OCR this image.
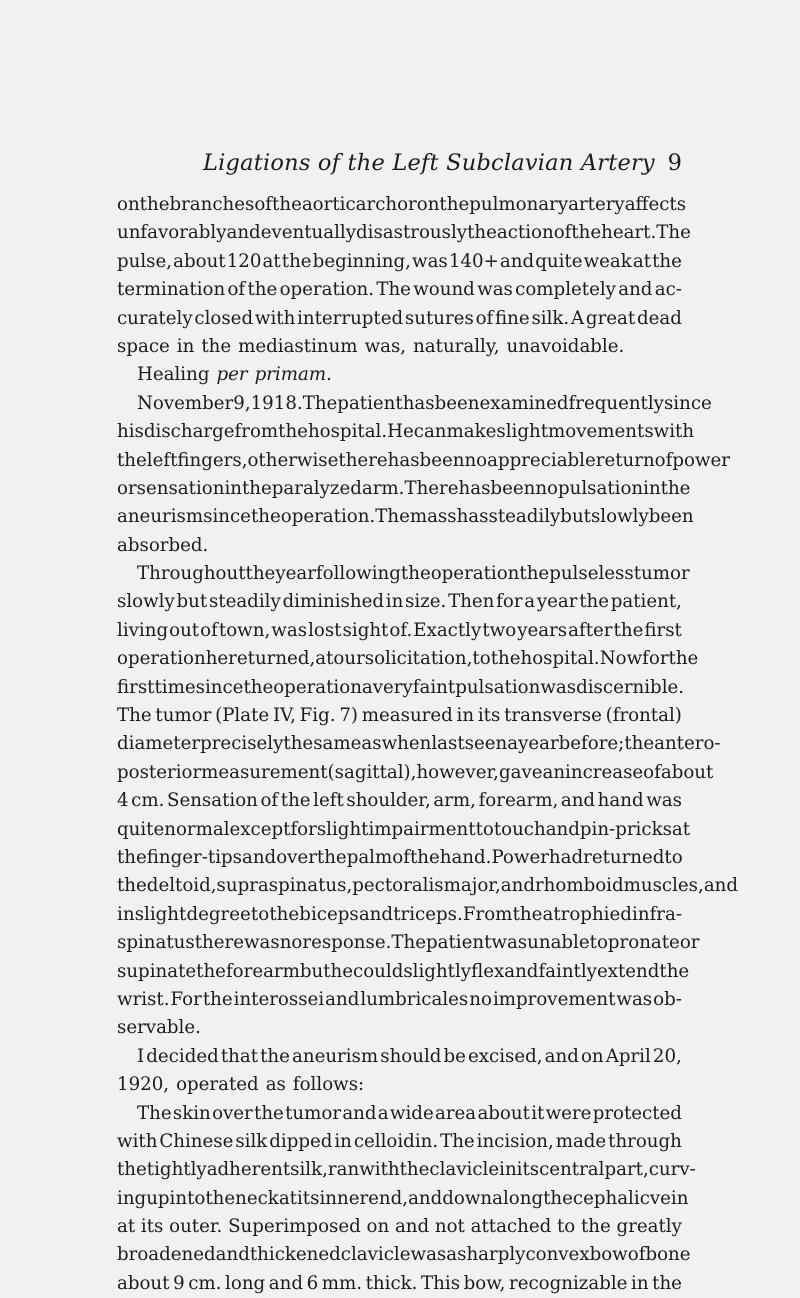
Ligations of the Left Subclavian Artery 9
on the branches of the aortic arch or on the pulmonary artery affects
unfavorably and eventually disastrously the action of the heart. The
pulse, about 120 at the beginning, was 140+ and quite weak at the
termination of the operation. The wound was completely and ac-
curately closed with interrupted sutures of fine silk. A great dead
space in the mediastinum was, naturally, unavoidable.
Healing per primam.
November 9, 1918. The patient has been examined frequently since
his discharge from the hospital. He can make slight movements with
the left fingers, otherwise there has been no appreciable return of power
or sensation in the paralyzed arm. There has been no pulsation in the
aneurism since the operation. The mass has steadily but slowly been
absorbed.
Throughout the year following the operation the pulseless tumor
slowly but steadily diminished in size. Then for a year the patient,
living out of town, was lost sight of. Exactly two years after the first
operation he returned, at our solicitation, to the hospital. Now for the
first time since the operation a very faint pulsation was discernible.
The tumor (Plate IV, Fig. 7) measured in its transverse (frontal)
diameter precisely the same as when last seen a year before; the antero-
posterior measurement (sagittal), however, gave an increase of about
4 cm. Sensation of the left shoulder, arm, forearm, and hand was
quite normal except for slight impairment to touch and pin-pricks at
the finger-tips and over the palm of the hand. Power had returned to
the deltoid, supraspinatus, pectoralis major, and rhomboid muscles, and
in slight degree to the biceps and triceps. From the atrophied infra-
spinatus there was no response. The patient was unable to pronate or
supinate the forearm but he could slightly flex and faintly extend the
wrist. For the interossei and lumbricales no improvement was ob-
servable.
I decided that the aneurism should be excised, and on April 20,
1920, operated as follows:
The skin over the tumor and a wide area about it were protected
with Chinese silk dipped in celloidin. The incision, made through
the tightly adherent silk, ran with the clavicle in its central part, curv-
ing up into the neck at its inner end, and down along the cephalic vein
at its outer. Superimposed on and not attached to the greatly
broadened and thickened clavicle was a sharply convex bow of bone
about 9 cm. long and 6 mm. thick. This bow, recognizable in the
